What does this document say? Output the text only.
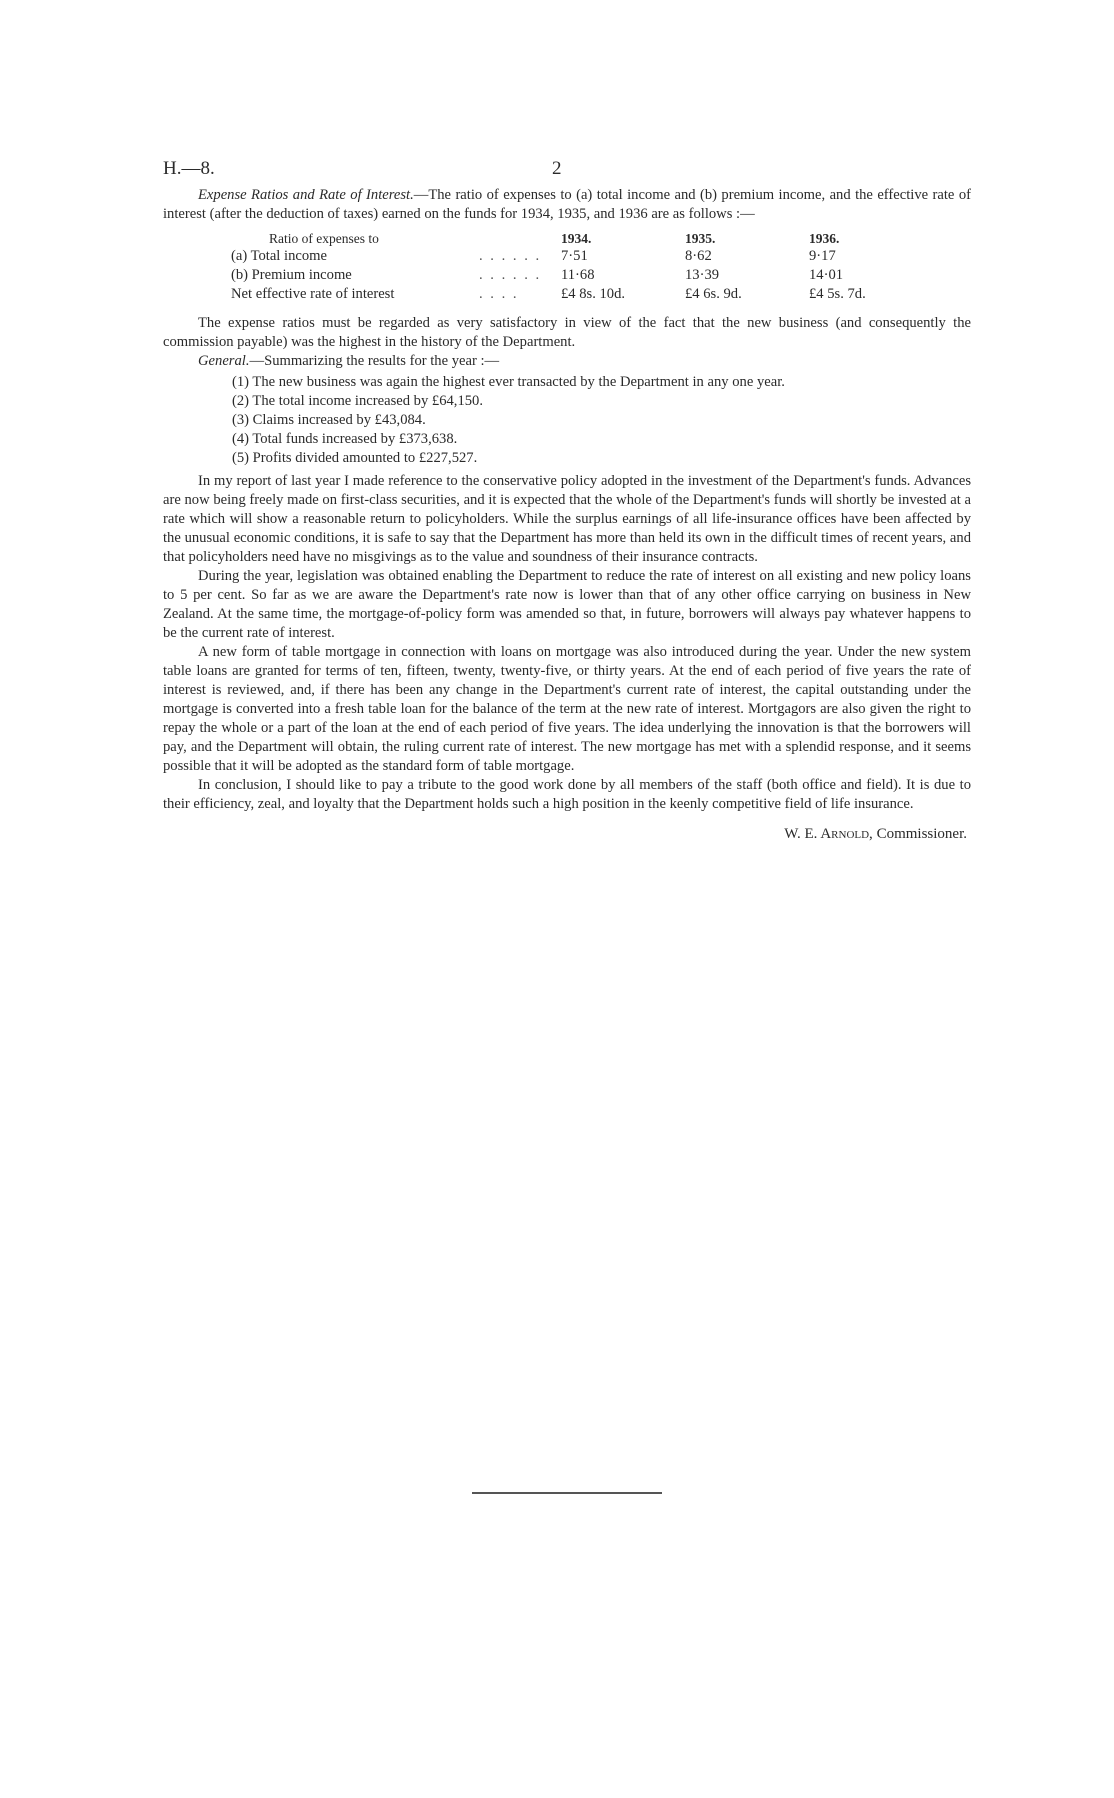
H.—8.	2

Expense Ratios and Rate of Interest.—The ratio of expenses to (a) total income and (b) premium income, and the effective rate of interest (after the deduction of taxes) earned on the funds for 1934, 1935, and 1936 are as follows :—

Ratio of expenses to		1934.	1935.	1936.
(a) Total income	. . . . . .	7·51	8·62	9·17
(b) Premium income	. . . . . .	11·68	13·39	14·01
Net effective rate of interest	. . . .	£4 8s. 10d.	£4 6s. 9d.	£4 5s. 7d.

The expense ratios must be regarded as very satisfactory in view of the fact that the new business (and consequently the commission payable) was the highest in the history of the Department.

General.—Summarizing the results for the year :—

(1) The new business was again the highest ever transacted by the Department in any one year.
(2) The total income increased by £64,150.
(3) Claims increased by £43,084.
(4) Total funds increased by £373,638.
(5) Profits divided amounted to £227,527.

In my report of last year I made reference to the conservative policy adopted in the investment of the Department's funds. Advances are now being freely made on first-class securities, and it is expected that the whole of the Department's funds will shortly be invested at a rate which will show a reasonable return to policyholders. While the surplus earnings of all life-insurance offices have been affected by the unusual economic conditions, it is safe to say that the Department has more than held its own in the difficult times of recent years, and that policyholders need have no misgivings as to the value and soundness of their insurance contracts.

During the year, legislation was obtained enabling the Department to reduce the rate of interest on all existing and new policy loans to 5 per cent. So far as we are aware the Department's rate now is lower than that of any other office carrying on business in New Zealand. At the same time, the mortgage-of-policy form was amended so that, in future, borrowers will always pay whatever happens to be the current rate of interest.

A new form of table mortgage in connection with loans on mortgage was also introduced during the year. Under the new system table loans are granted for terms of ten, fifteen, twenty, twenty-five, or thirty years. At the end of each period of five years the rate of interest is reviewed, and, if there has been any change in the Department's current rate of interest, the capital outstanding under the mortgage is converted into a fresh table loan for the balance of the term at the new rate of interest. Mortgagors are also given the right to repay the whole or a part of the loan at the end of each period of five years. The idea underlying the innovation is that the borrowers will pay, and the Department will obtain, the ruling current rate of interest. The new mortgage has met with a splendid response, and it seems possible that it will be adopted as the standard form of table mortgage.

In conclusion, I should like to pay a tribute to the good work done by all members of the staff (both office and field). It is due to their efficiency, zeal, and loyalty that the Department holds such a high position in the keenly competitive field of life insurance.

W. E. Arnold, Commissioner.
